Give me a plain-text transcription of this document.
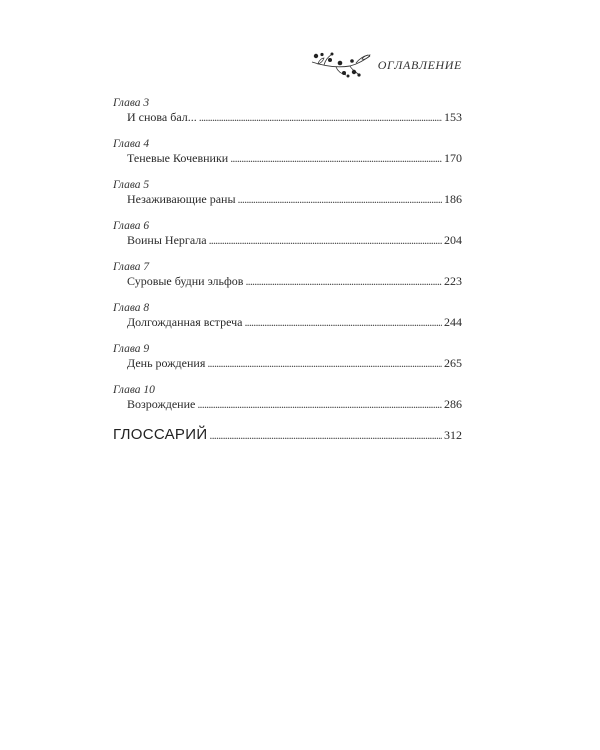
ОГЛАВЛЕНИЕ
Глава 3
И снова бал... . . .	153
Глава 4
Теневые Кочевники . . .	170
Глава 5
Незаживающие раны . . .	186
Глава 6
Воины Нергала . . .	204
Глава 7
Суровые будни эльфов . . .	223
Глава 8
Долгожданная встреча . . .	244
Глава 9
День рождения . . .	265
Глава 10
Возрождение . . .	286
ГЛОССАРИЙ . . .	312
